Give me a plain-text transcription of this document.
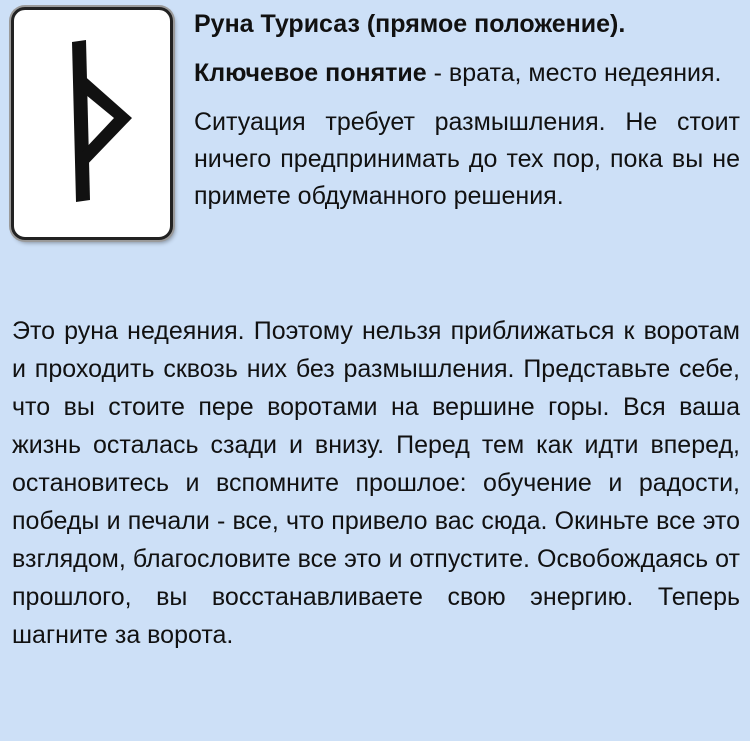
Руна Турисаз (прямое положение).
Ключевое понятие - врата, место недеяния.
Ситуация требует размышления. Не стоит ничего предпринимать до тех пор, пока вы не примете обдуманного решения.

Это руна недеяния. Поэтому нельзя приближаться к воротам и проходить сквозь них без размышления. Представьте себе, что вы стоите пере воротами на вершине горы. Вся ваша жизнь осталась сзади и внизу. Перед тем как идти вперед, остановитесь и вспомните прошлое: обучение и радости, победы и печали - все, что привело вас сюда. Окиньте все это взглядом, благословите все это и отпустите. Освобождаясь от прошлого, вы восстанавливаете свою энергию. Теперь шагните за ворота.
